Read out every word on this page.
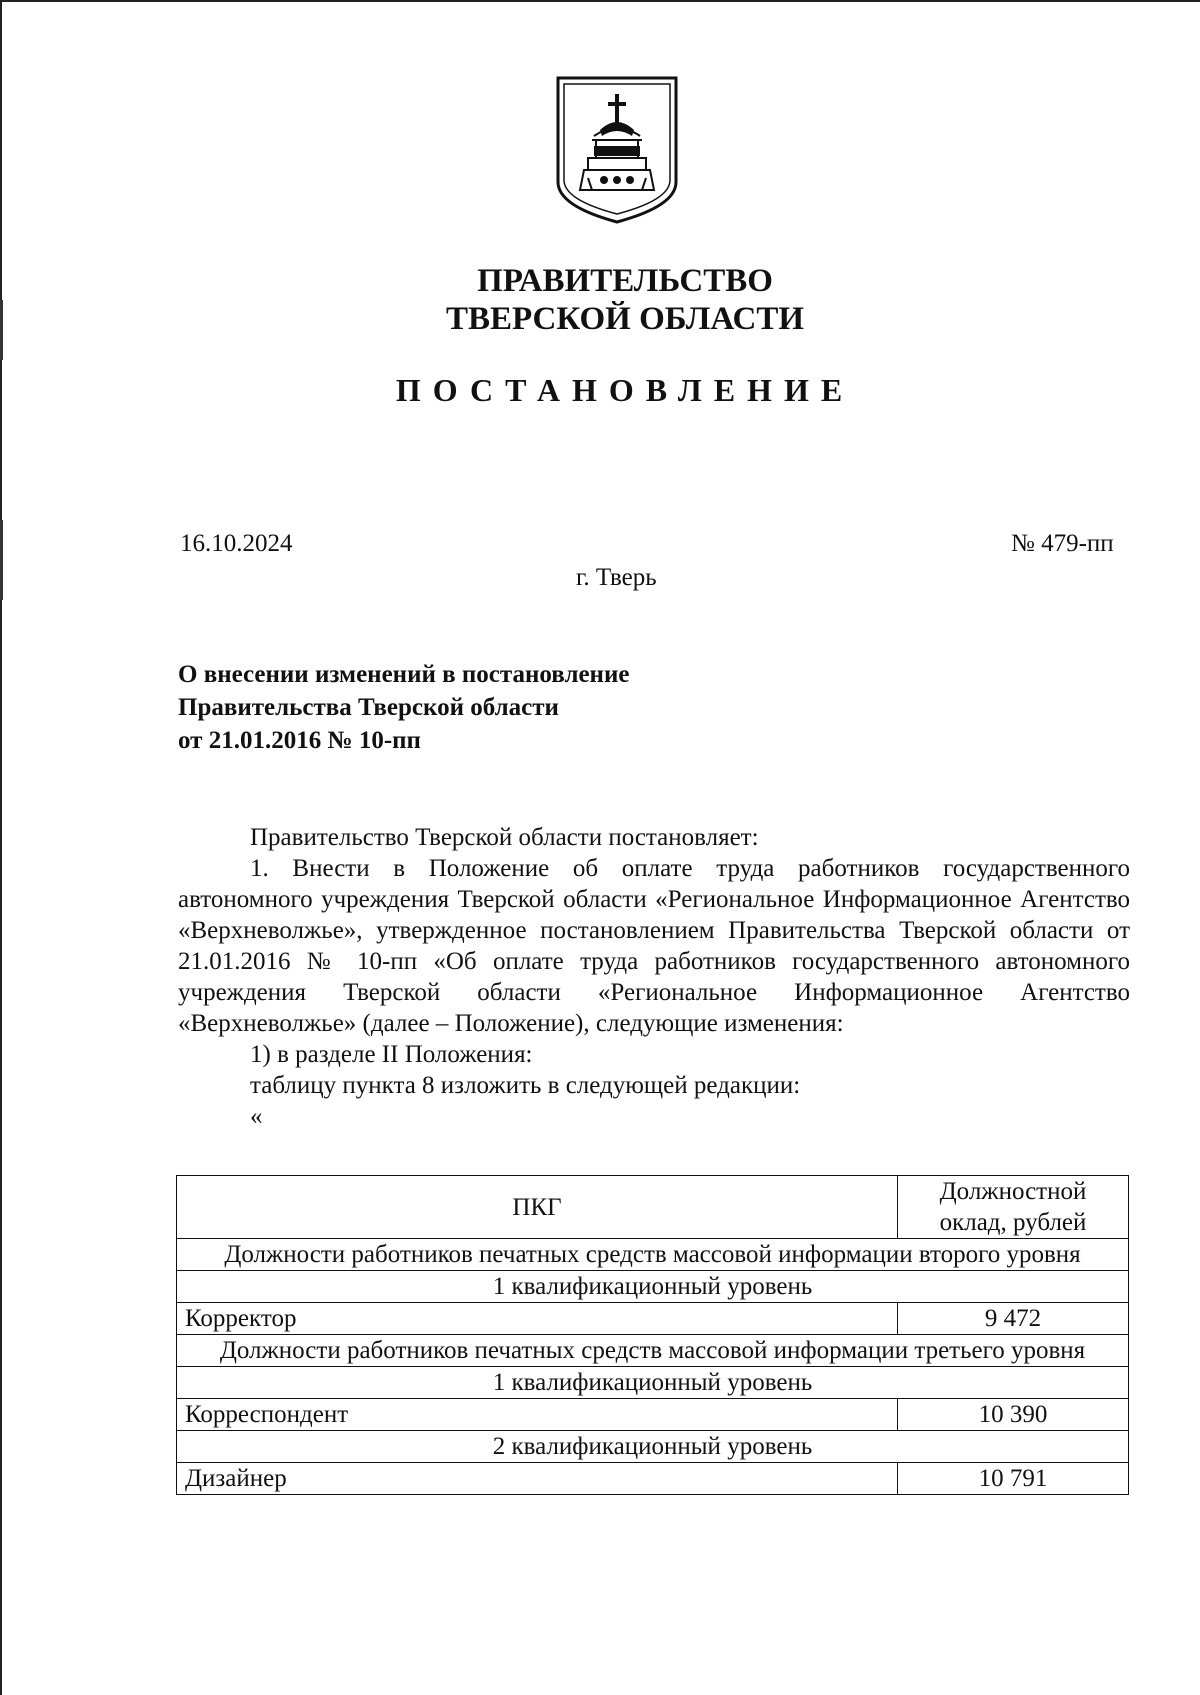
ПРАВИТЕЛЬСТВО
ТВЕРСКОЙ ОБЛАСТИ
ПОСТАНОВЛЕНИЕ
16.10.2024	№ 479-пп
г. Тверь
О внесении изменений в постановление
Правительства Тверской области
от 21.01.2016 № 10-пп

Правительство Тверской области постановляет:

1. Внести в Положение об оплате труда работников государственного автономного учреждения Тверской области «Региональное Информационное Агентство «Верхневолжье», утвержденное постановлением Правительства Тверской области от 21.01.2016 № 10-пп «Об оплате труда работников государственного автономного учреждения Тверской области «Региональное Информационное Агентство «Верхневолжье» (далее – Положение), следующие изменения:

1) в разделе II Положения:

таблицу пункта 8 изложить в следующей редакции:

«

ПКГ	Должностной оклад, рублей
Должности работников печатных средств массовой информации второго уровня	
1 квалификационный уровень	
Корректор	9 472
Должности работников печатных средств массовой информации третьего уровня	
1 квалификационный уровень	
Корреспондент	10 390
2 квалификационный уровень	
Дизайнер	10 791
